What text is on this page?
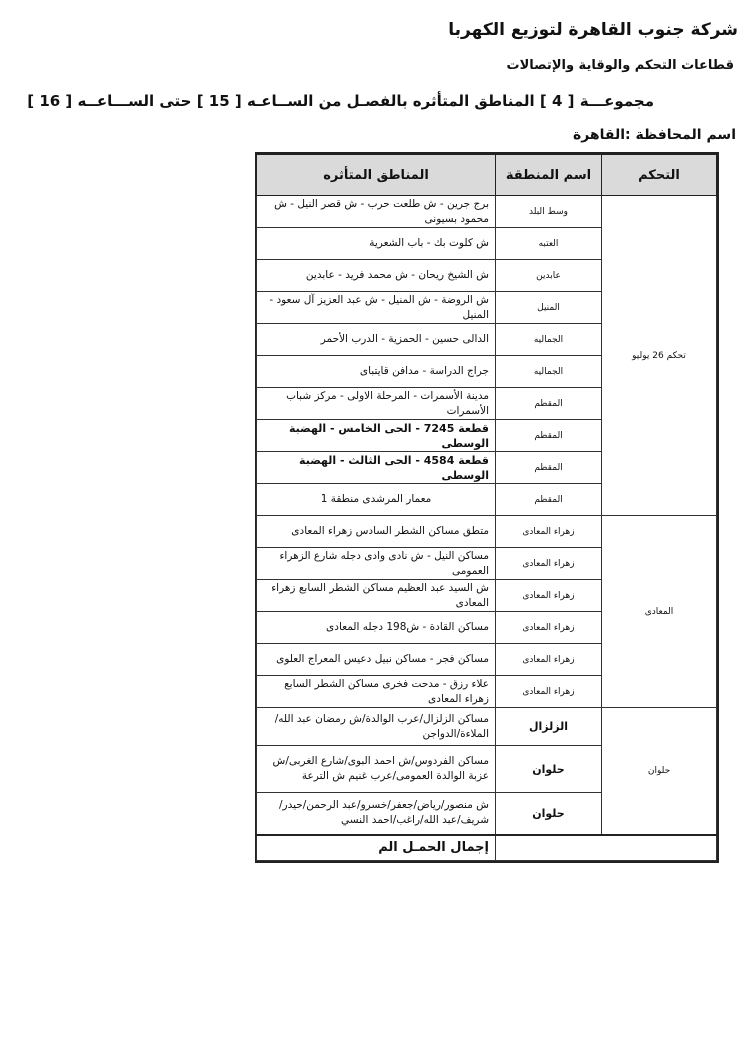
شركة جنوب القاهرة لتوزيع الكهربا
قطاعات التحكم والوقاية والإتصالات
مجموعـــة [ 4 ] المناطق المتأثره بالفصـل من الســاعـه [ 15 ] حتى الســـاعــه [ 16 ]
اسم المحافظة :القاهرة
التحكم	اسم المنطقة	المناطق المتأثره
تحكم 26 يوليو	وسط البلد	برج جرين - ش طلعت حرب - ش قصر النيل - ش محمود بسيونى
	العتبه	ش كلوت بك - باب الشعرية
	عابدين	ش الشيخ ريحان - ش محمد فريد - عابدين
	المنيل	ش الروضة - ش المنيل - ش عبد العزيز آل سعود - المنيل
	الجماليه	الدالى حسين - الحمزية - الدرب الأحمر
	الجماليه	جراج الدراسة - مدافن قايتباى
	المقطم	مدينة الأسمرات - المرحلة الاولى - مركز شباب الأسمرات
	المقطم	قطعة 7245 - الحى الخامس - الهضبة الوسطى
	المقطم	قطعة 4584 - الحى الثالث - الهضبة الوسطى
	المقطم	معمار المرشدى منطقة 1
المعادى	زهراء المعادى	متطق مساكن الشطر السادس زهراء المعادى
	زهراء المعادى	مساكن النيل - ش نادى وادى دجله شارع الزهراء العمومى
	زهراء المعادى	ش السيد عبد العظيم مساكن الشطر السابع زهراء المعادى
	زهراء المعادى	مساكن القادة - ش198 دجله المعادى
	زهراء المعادى	مساكن فجر - مساكن نبيل دعيس المعراج العلوى
	زهراء المعادى	علاء رزق - مدحت فخرى مساكن الشطر السابع زهراء المعادى
حلوان	الزلزال	مساكن الزلزال/عرب الوالدة/ش رمضان عبد الله/الملاءة/الدواجن
	حلوان	مساكن الفردوس/ش احمد البوى/شارع الغربى/ش عزبة الوالدة العمومى/عرب غنيم ش الترعة
	حلوان	ش منصور/رياض/جعفر/خسرو/عبد الرحمن/حيدر/شريف/عبد الله/راغب/احمد النسي
		إجمال الحمـل الم
